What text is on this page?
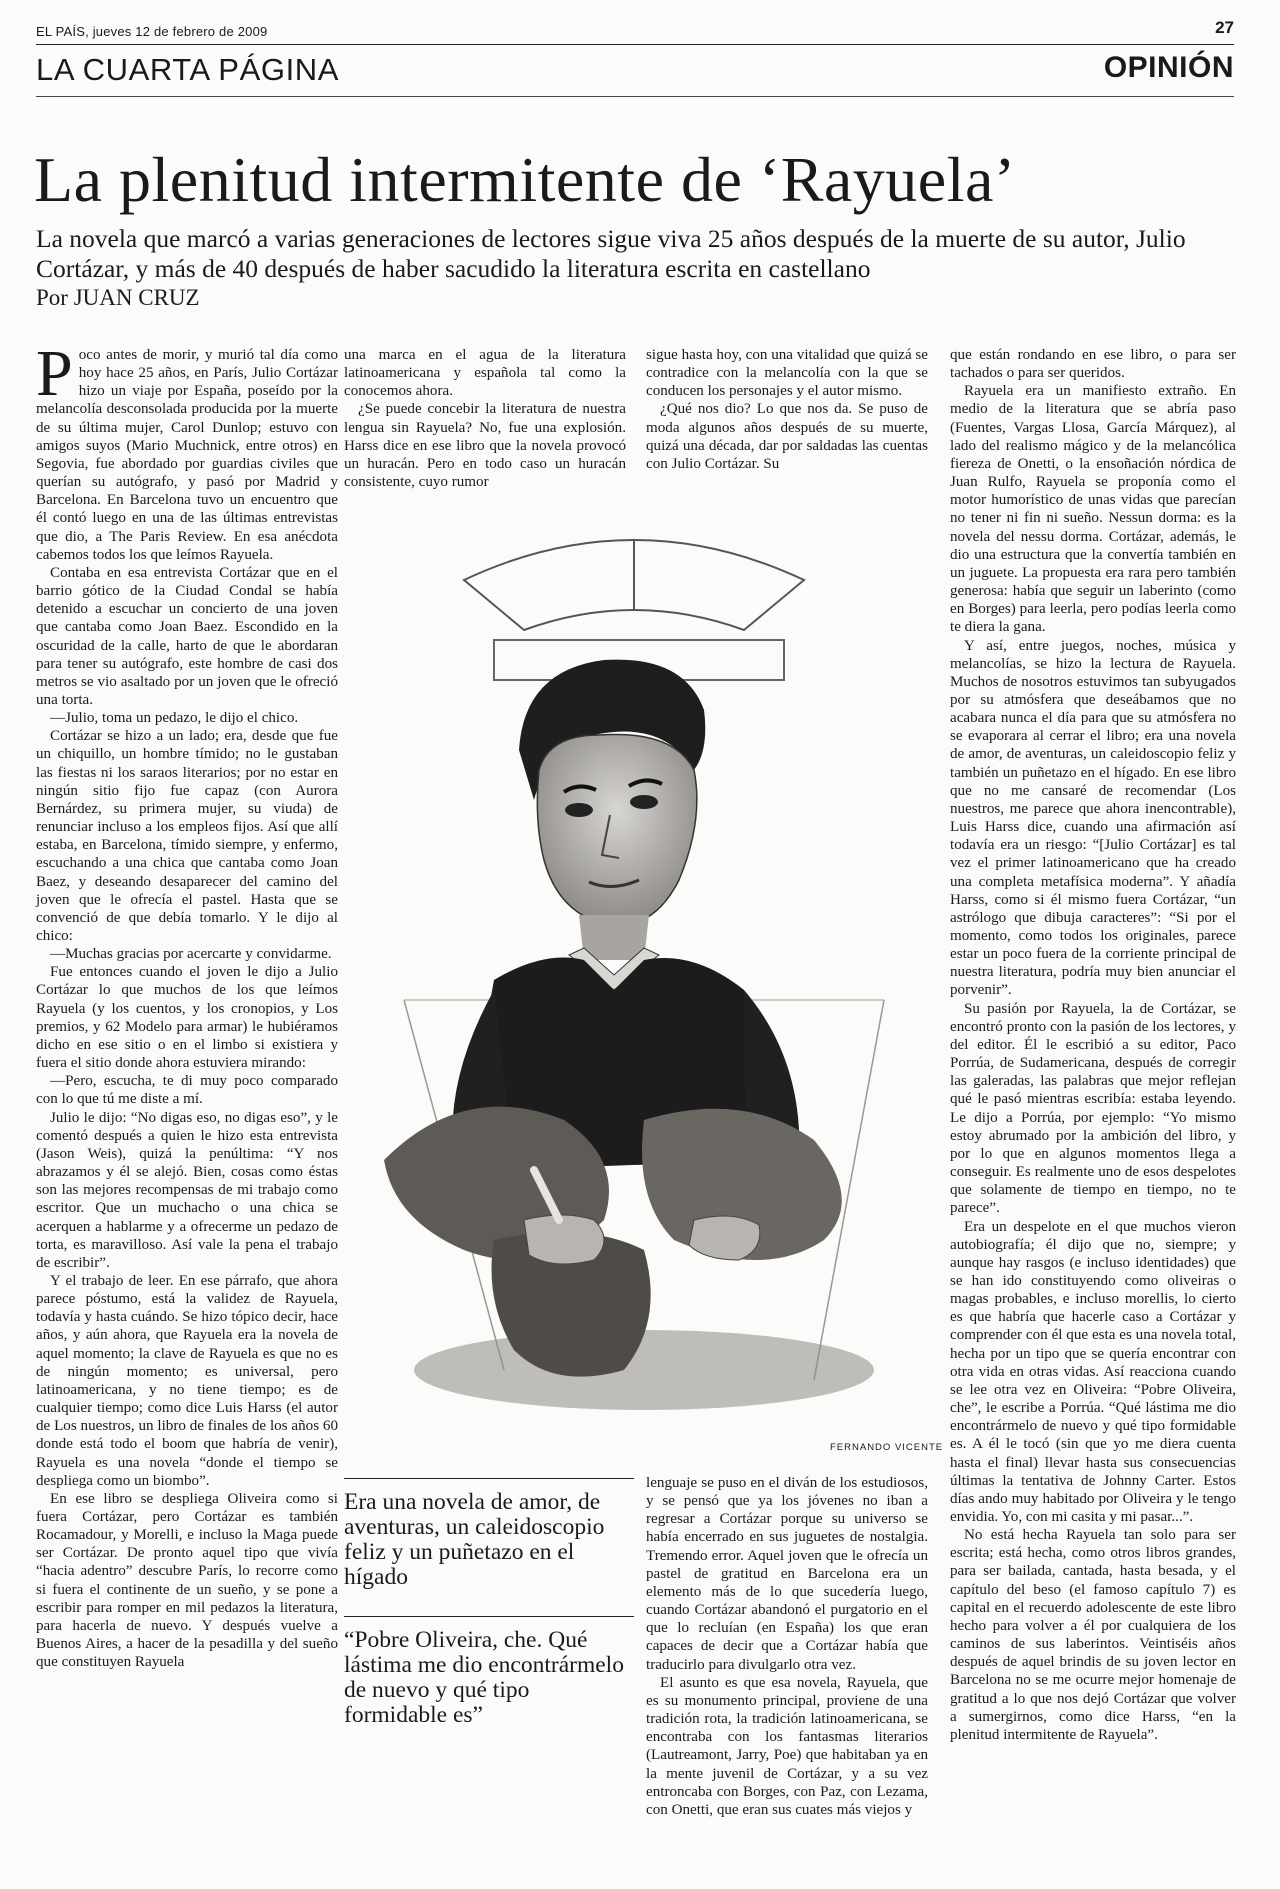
EL PAÍS, jueves 12 de febrero de 2009	27
LA CUARTA PÁGINA	OPINIÓN
La plenitud intermitente de ‘Rayuela’
La novela que marcó a varias generaciones de lectores sigue viva 25 años después de la muerte de su autor, Julio Cortázar, y más de 40 después de haber sacudido la literatura escrita en castellano
Por JUAN CRUZ

Poco antes de morir, y murió tal día como hoy hace 25 años, en París, Julio Cortázar hizo un viaje por España, poseído por la melancolía desconsolada producida por la muerte de su última mujer, Carol Dunlop; estuvo con amigos suyos (Mario Muchnick, entre otros) en Segovia, fue abordado por guardias civiles que querían su autógrafo, y pasó por Madrid y Barcelona. En Barcelona tuvo un encuentro que él contó luego en una de las últimas entrevistas que dio, a The Paris Review. En esa anécdota cabemos todos los que leímos Rayuela.

Contaba en esa entrevista Cortázar que en el barrio gótico de la Ciudad Condal se había detenido a escuchar un concierto de una joven que cantaba como Joan Baez. Escondido en la oscuridad de la calle, harto de que le abordaran para tener su autógrafo, este hombre de casi dos metros se vio asaltado por un joven que le ofreció una torta.

—Julio, toma un pedazo, le dijo el chico.

Cortázar se hizo a un lado; era, desde que fue un chiquillo, un hombre tímido; no le gustaban las fiestas ni los saraos literarios; por no estar en ningún sitio fijo fue capaz (con Aurora Bernárdez, su primera mujer, su viuda) de renunciar incluso a los empleos fijos. Así que allí estaba, en Barcelona, tímido siempre, y enfermo, escuchando a una chica que cantaba como Joan Baez, y deseando desaparecer del camino del joven que le ofrecía el pastel. Hasta que se convenció de que debía tomarlo. Y le dijo al chico:

—Muchas gracias por acercarte y convidarme.

Fue entonces cuando el joven le dijo a Julio Cortázar lo que muchos de los que leímos Rayuela (y los cuentos, y los cronopios, y Los premios, y 62 Modelo para armar) le hubiéramos dicho en ese sitio o en el limbo si existiera y fuera el sitio donde ahora estuviera mirando:

—Pero, escucha, te di muy poco comparado con lo que tú me diste a mí.

Julio le dijo: “No digas eso, no digas eso”, y le comentó después a quien le hizo esta entrevista (Jason Weis), quizá la penúltima: “Y nos abrazamos y él se alejó. Bien, cosas como éstas son las mejores recompensas de mi trabajo como escritor. Que un muchacho o una chica se acerquen a hablarme y a ofrecerme un pedazo de torta, es maravilloso. Así vale la pena el trabajo de escribir”.

Y el trabajo de leer. En ese párrafo, que ahora parece póstumo, está la validez de Rayuela, todavía y hasta cuándo. Se hizo tópico decir, hace años, y aún ahora, que Rayuela era la novela de aquel momento; la clave de Rayuela es que no es de ningún momento; es universal, pero latinoamericana, y no tiene tiempo; es de cualquier tiempo; como dice Luis Harss (el autor de Los nuestros, un libro de finales de los años 60 donde está todo el boom que habría de venir), Rayuela es una novela “donde el tiempo se despliega como un biombo”.

En ese libro se despliega Oliveira como si fuera Cortázar, pero Cortázar es también Rocamadour, y Morelli, e incluso la Maga puede ser Cortázar. De pronto aquel tipo que vivía “hacia adentro” descubre París, lo recorre como si fuera el continente de un sueño, y se pone a escribir para romper en mil pedazos la literatura, para hacerla de nuevo. Y después vuelve a Buenos Aires, a hacer de la pesadilla y del sueño que constituyen Rayuela

una marca en el agua de la literatura latinoamericana y española tal como la conocemos ahora.

¿Se puede concebir la literatura de nuestra lengua sin Rayuela? No, fue una explosión. Harss dice en ese libro que la novela provocó un huracán. Pero en todo caso un huracán consistente, cuyo rumor

sigue hasta hoy, con una vitalidad que quizá se contradice con la melancolía con la que se conducen los personajes y el autor mismo.

¿Qué nos dio? Lo que nos da. Se puso de moda algunos años después de su muerte, quizá una década, dar por saldadas las cuentas con Julio Cortázar. Su

que están rondando en ese libro, o para ser tachados o para ser queridos.

Rayuela era un manifiesto extraño. En medio de la literatura que se abría paso (Fuentes, Vargas Llosa, García Márquez), al lado del realismo mágico y de la melancólica fiereza de Onetti, o la ensoñación nórdica de Juan Rulfo, Rayuela se proponía como el motor humorístico de unas vidas que parecían no tener ni fin ni sueño. Nessun dorma: es la novela del nessu dorma. Cortázar, además, le dio una estructura que la convertía también en un juguete. La propuesta era rara pero también generosa: había que seguir un laberinto (como en Borges) para leerla, pero podías leerla como te diera la gana.

Y así, entre juegos, noches, música y melancolías, se hizo la lectura de Rayuela. Muchos de nosotros estuvimos tan subyugados por su atmósfera que deseábamos que no acabara nunca el día para que su atmósfera no se evaporara al cerrar el libro; era una novela de amor, de aventuras, un caleidoscopio feliz y también un puñetazo en el hígado. En ese libro que no me cansaré de recomendar (Los nuestros, me parece que ahora inencontrable), Luis Harss dice, cuando una afirmación así todavía era un riesgo: “[Julio Cortázar] es tal vez el primer latinoamericano que ha creado una completa metafísica moderna”. Y añadía Harss, como si él mismo fuera Cortázar, “un astrólogo que dibuja caracteres”: “Si por el momento, como todos los originales, parece estar un poco fuera de la corriente principal de nuestra literatura, podría muy bien anunciar el porvenir”.

Su pasión por Rayuela, la de Cortázar, se encontró pronto con la pasión de los lectores, y del editor. Él le escribió a su editor, Paco Porrúa, de Sudamericana, después de corregir las galeradas, las palabras que mejor reflejan qué le pasó mientras escribía: estaba leyendo. Le dijo a Porrúa, por ejemplo: “Yo mismo estoy abrumado por la ambición del libro, y por lo que en algunos momentos llega a conseguir. Es realmente uno de esos despelotes que solamente de tiempo en tiempo, no te parece”.

Era un despelote en el que muchos vieron autobiografía; él dijo que no, siempre; y aunque hay rasgos (e incluso identidades) que se han ido constituyendo como oliveiras o magas probables, e incluso morellis, lo cierto es que habría que hacerle caso a Cortázar y comprender con él que esta es una novela total, hecha por un tipo que se quería encontrar con otra vida en otras vidas. Así reacciona cuando se lee otra vez en Oliveira: “Pobre Oliveira, che”, le escribe a Porrúa. “Qué lástima me dio encontrármelo de nuevo y qué tipo formidable es. A él le tocó (sin que yo me diera cuenta hasta el final) llevar hasta sus consecuencias últimas la tentativa de Johnny Carter. Estos días ando muy habitado por Oliveira y le tengo envidia. Yo, con mi casita y mi pasar...”.

No está hecha Rayuela tan solo para ser escrita; está hecha, como otros libros grandes, para ser bailada, cantada, hasta besada, y el capítulo del beso (el famoso capítulo 7) es capital en el recuerdo adolescente de este libro hecho para volver a él por cualquiera de los caminos de sus laberintos. Veintiséis años después de aquel brindis de su joven lector en Barcelona no se me ocurre mejor homenaje de gratitud a lo que nos dejó Cortázar que volver a sumergirnos, como dice Harss, “en la plenitud intermitente de Rayuela”.

FERNANDO VICENTE
Era una novela de amor, de aventuras, un caleidoscopio feliz y un puñetazo en el hígado
“Pobre Oliveira, che. Qué lástima me dio encontrármelo de nuevo y qué tipo formidable es”

lenguaje se puso en el diván de los estudiosos, y se pensó que ya los jóvenes no iban a regresar a Cortázar porque su universo se había encerrado en sus juguetes de nostalgia. Tremendo error. Aquel joven que le ofrecía un pastel de gratitud en Barcelona era un elemento más de lo que sucedería luego, cuando Cortázar abandonó el purgatorio en el que lo recluían (en España) los que eran capaces de decir que a Cortázar había que traducirlo para divulgarlo otra vez.

El asunto es que esa novela, Rayuela, que es su monumento principal, proviene de una tradición rota, la tradición latinoamericana, se encontraba con los fantasmas literarios (Lautreamont, Jarry, Poe) que habitaban ya en la mente juvenil de Cortázar, y a su vez entroncaba con Borges, con Paz, con Lezama, con Onetti, que eran sus cuates más viejos y
